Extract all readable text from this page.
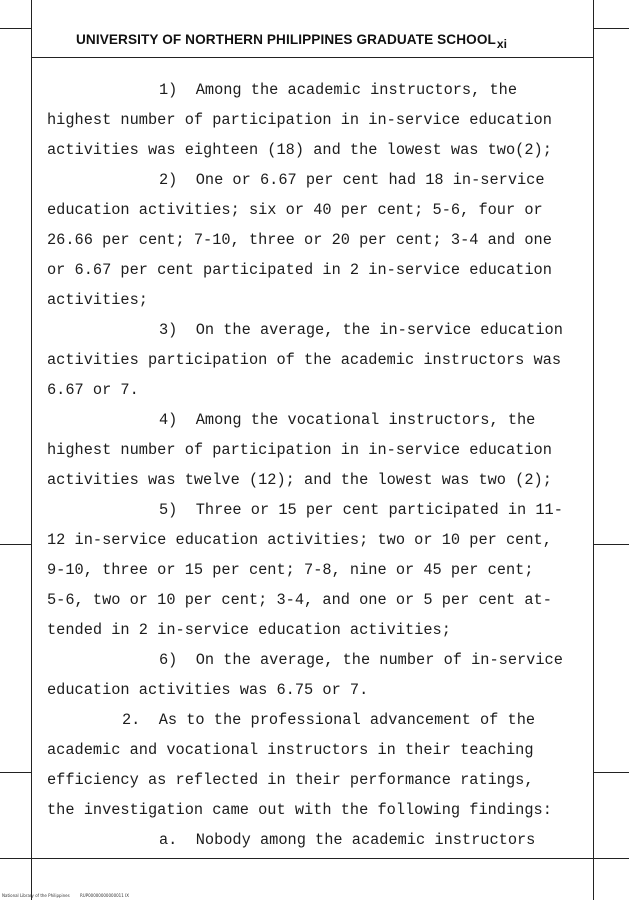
UNIVERSITY OF NORTHERN PHILIPPINES GRADUATE SCHOOLxi
1)  Among the academic instructors, the
highest number of participation in in-service education
activities was eighteen (18) and the lowest was two(2);
2)  One or 6.67 per cent had 18 in-service
education activities; six or 40 per cent; 5-6, four or
26.66 per cent; 7-10, three or 20 per cent; 3-4 and one
or 6.67 per cent participated in 2 in-service education
activities;
3)  On the average, the in-service education
activities participation of the academic instructors was
6.67 or 7.
4)  Among the vocational instructors, the
highest number of participation in in-service education
activities was twelve (12); and the lowest was two (2);
5)  Three or 15 per cent participated in 11-
12 in-service education activities; two or 10 per cent,
9-10, three or 15 per cent; 7-8, nine or 45 per cent;
5-6, two or 10 per cent; 3-4, and one or 5 per cent at-
tended in 2 in-service education activities;
6)  On the average, the number of in-service
education activities was 6.75 or 7.
2.  As to the professional advancement of the
academic and vocational instructors in their teaching
efficiency as reflected in their performance ratings,
the investigation came out with the following findings:
a.  Nobody among the academic instructors
National Library of the Philippines	RUP00000000000011 IX
